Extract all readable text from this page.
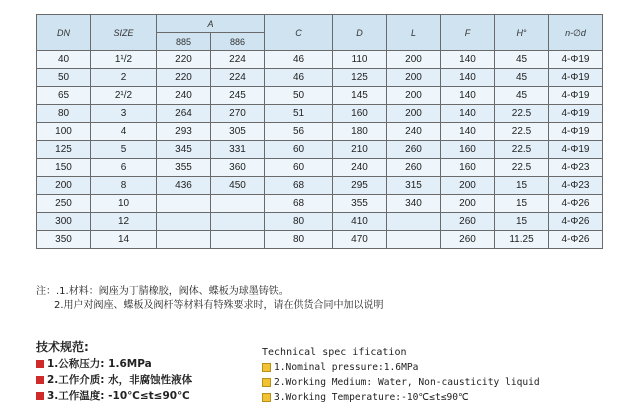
DN	SIZE	A		C	D	L	F	H°	n-∅d
		885	886						
40	1¹/2	220	224	46	110	200	140	45	4-Φ19
50	2	220	224	46	125	200	140	45	4-Φ19
65	2¹/2	240	245	50	145	200	140	45	4-Φ19
80	3	264	270	51	160	200	140	22.5	4-Φ19
100	4	293	305	56	180	240	140	22.5	4-Φ19
125	5	345	331	60	210	260	160	22.5	4-Φ19
150	6	355	360	60	240	260	160	22.5	4-Φ23
200	8	436	450	68	295	315	200	15	4-Φ23
250	10			68	355	340	200	15	4-Φ26
300	12			80	410		260	15	4-Φ26
350	14			80	470		260	11.25	4-Φ26
注：.1.材料：阀座为丁腈橡胶，阀体、蝶板为球墨铸铁。
2.用户对阀座、蝶板及阀杆等材料有特殊要求时，请在供货合同中加以说明
技术规范:
1.公称压力: 1.6MPa
2.工作介质: 水，非腐蚀性液体
3.工作温度: -10℃≤t≤90℃
Technical spec ification
1.Nominal pressure:1.6MPa
2.Working Medium: Water, Non-causticity liquid
3.Working Temperature:-10℃≤t≤90℃
